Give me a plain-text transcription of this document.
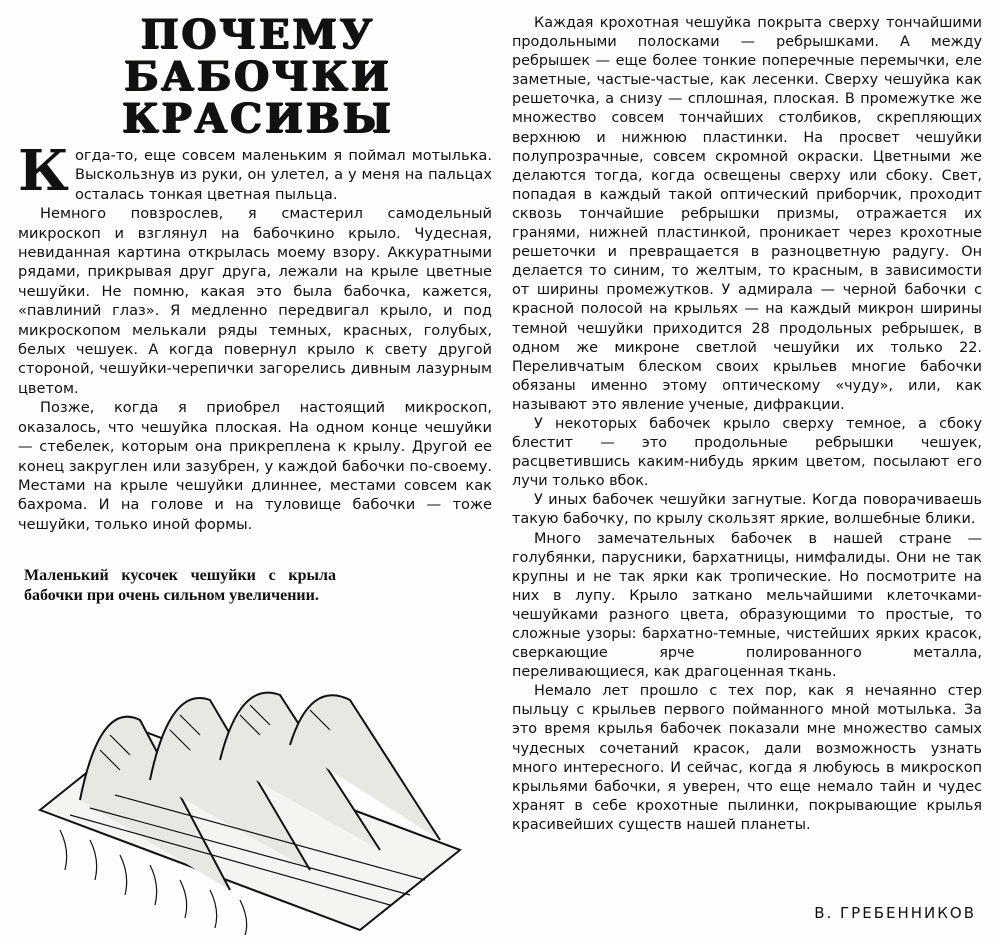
ПОЧЕМУ
БАБОЧКИ
КРАСИВЫ

Когда-то, еще совсем маленьким я поймал мотылька. Выскользнув из руки, он улетел, а у меня на пальцах осталась тонкая цветная пыльца.

Немного повзрослев, я смастерил самодельный микроскоп и взглянул на бабочкино крыло. Чудесная, невиданная картина открылась моему взору. Аккуратными рядами, прикрывая друг друга, лежали на крыле цветные чешуйки. Не помню, какая это была бабочка, кажется, «павлиний глаз». Я медленно передвигал крыло, и под микроскопом мелькали ряды темных, красных, голубых, белых чешуек. А когда повернул крыло к свету другой стороной, чешуйки-черепички загорелись дивным лазурным цветом.

Позже, когда я приобрел настоящий микроскоп, оказалось, что чешуйка плоская. На одном конце чешуйки — стебелек, которым она прикреплена к крылу. Другой ее конец закруглен или зазубрен, у каждой бабочки по-своему. Местами на крыле чешуйки длиннее, местами совсем как бахрома. И на голове и на туловище бабочки — тоже чешуйки, только иной формы.

Маленький кусочек чешуйки с крыла бабочки при очень сильном увеличении.

Каждая крохотная чешуйка покрыта сверху тончайшими продольными полосками — ребрышками. А между ребрышек — еще более тонкие поперечные перемычки, еле заметные, частые-частые, как лесенки. Сверху чешуйка как решеточка, а снизу — сплошная, плоская. В промежутке же множество совсем тончайших столбиков, скрепляющих верхнюю и нижнюю пластинки. На просвет чешуйки полупрозрачные, совсем скромной окраски. Цветными же делаются тогда, когда освещены сверху или сбоку. Свет, попадая в каждый такой оптический приборчик, проходит сквозь тончайшие ребрышки призмы, отражается их гранями, нижней пластинкой, проникает через крохотные решеточки и превращается в разноцветную радугу. Он делается то синим, то желтым, то красным, в зависимости от ширины промежутков. У адмирала — черной бабочки с красной полосой на крыльях — на каждый микрон ширины темной чешуйки приходится 28 продольных ребрышек, в одном же микроне светлой чешуйки их только 22. Переливчатым блеском своих крыльев многие бабочки обязаны именно этому оптическому «чуду», или, как называют это явление ученые, дифракции.

У некоторых бабочек крыло сверху темное, а сбоку блестит — это продольные ребрышки чешуек, расцветившись каким-нибудь ярким цветом, посылают его лучи только вбок.

У иных бабочек чешуйки загнутые. Когда поворачиваешь такую бабочку, по крылу скользят яркие, волшебные блики.

Много замечательных бабочек в нашей стране — голубянки, парусники, бархатницы, нимфалиды. Они не так крупны и не так ярки как тропические. Но посмотрите на них в лупу. Крыло заткано мельчайшими клеточками-чешуйками разного цвета, образующими то простые, то сложные узоры: бархатно-темные, чистейших ярких красок, сверкающие ярче полированного металла, переливающиеся, как драгоценная ткань.

Немало лет прошло с тех пор, как я нечаянно стер пыльцу с крыльев первого пойманного мной мотылька. За это время крылья бабочек показали мне множество самых чудесных сочетаний красок, дали возможность узнать много интересного. И сейчас, когда я любуюсь в микроскоп крыльями бабочки, я уверен, что еще немало тайн и чудес хранят в себе крохотные пылинки, покрывающие крылья красивейших существ нашей планеты.

В. ГРЕБЕННИКОВ
